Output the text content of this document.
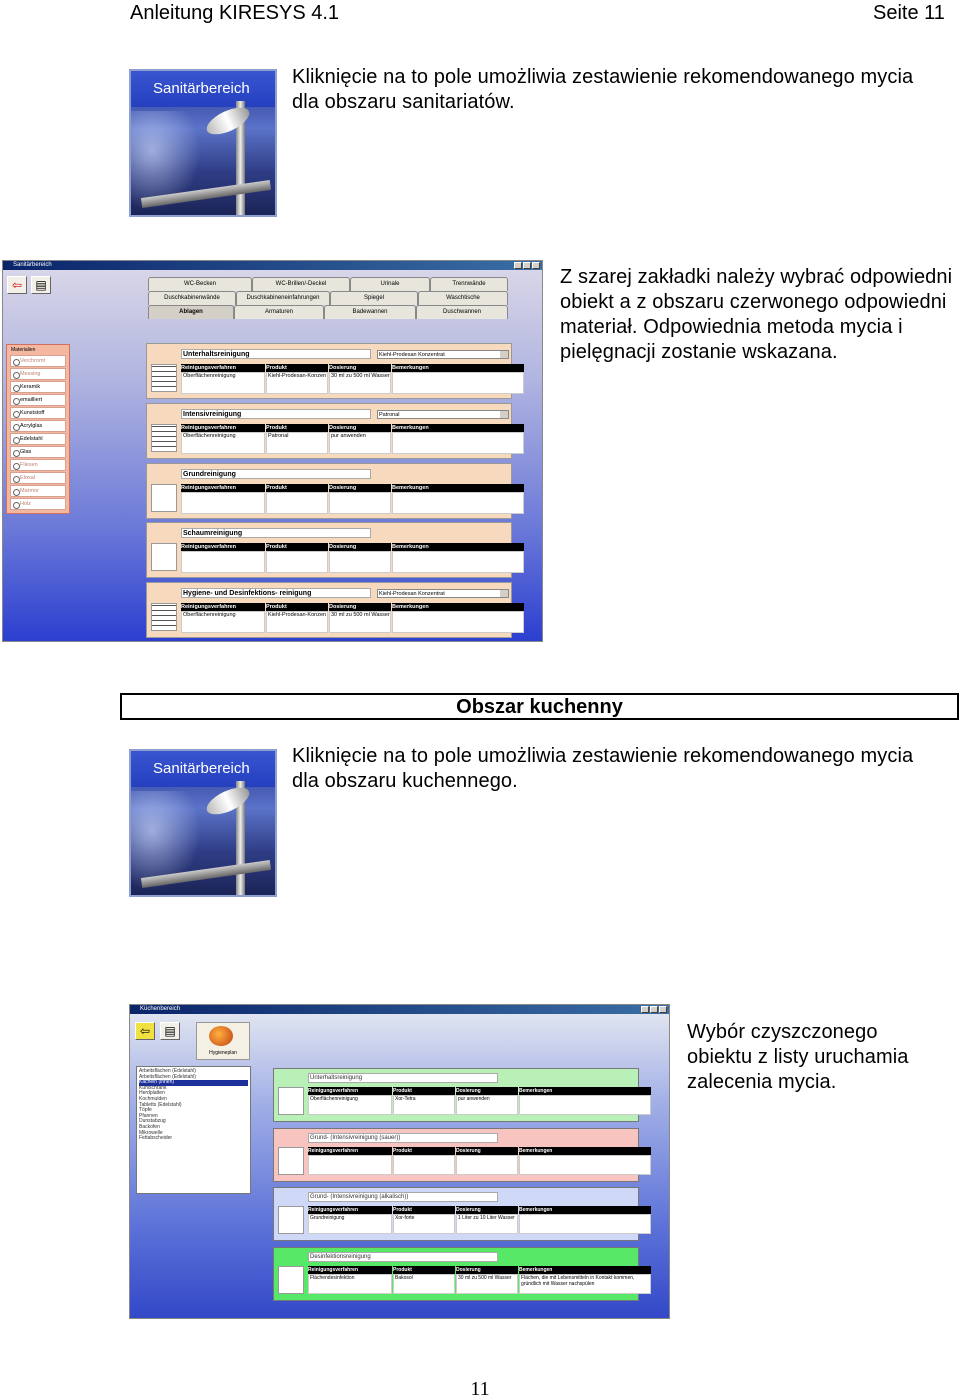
Anleitung KIRESYS 4.1	Seite 11
Sanitärbereich
Kliknięcie na to pole umożliwia zestawienie rekomendowanego mycia dla obszaru sanitariatów.
Sanitärbereich
⇦	▤	WC-Becken	WC-Brillen/-Deckel	Urinale	Trennwände
Duschkabinenwände	Duschkabineneinfahrungen	Spiegel	Waschtische
Ablagen	Armaturen	Badewannen	Duschwannen
Materialien
Verchromt
Messing
Keramik
emailliert
Kunststoff
Acrylglas
Edelstahl
Glas
Fliesen
Eloxal
Marmor
Holz
Unterhaltsreinigung	Kiehl-Prodesan Konzentrat
Reinigungsverfahren	Produkt	Dosierung	Bemerkungen
Oberflächenreinigung	Kiehl-Prodesan-Konzen 30 ml zu 500 ml Wasser
Intensivreinigung	Patronal
Reinigungsverfahren	Produkt	Dosierung	Bemerkungen
Oberflächenreinigung	Patronal	pur anwenden
Grundreinigung
Reinigungsverfahren	Produkt	Dosierung	Bemerkungen
Schaumreinigung
Reinigungsverfahren	Produkt	Dosierung	Bemerkungen
Hygiene- und Desinfektions- reinigung	Kiehl-Prodesan Konzentrat
Reinigungsverfahren	Produkt	Dosierung	Bemerkungen
Oberflächenreinigung	Kiehl-Prodesan-Konzen 30 ml zu 500 ml Wasser
Z szarej zakładki należy wybrać odpowiedni obiekt a z obszaru czerwonego odpowiedni materiał. Odpowiednia metoda mycia i pielęgnacji zostanie wskazana.
Obszar kuchenny
Sanitärbereich
Kliknięcie na to pole umożliwia zestawienie rekomendowanego mycia dla obszaru kuchennego.
Küchenbereich
⇦	▤
Hygieneplan
Arbeitsflächen (Edelstahl)
Arbeitsflächen (Edelstahl)
Kacheln (innen)
Kühlschrank
Herdplatten
Kochmulden
Tabletts (Edelstahl)
Töpfe
Pfannen
Dunstabzug
Backofen
Mikrowelle
Fettabscheider
Unterhaltsreinigung
Reinigungsverfahren	Produkt	Dosierung	Bemerkungen
Oberflächenreinigung	Xor-Tetra	pur anwenden
Grund- (Intensivreinigung (sauer))
Reinigungsverfahren	Produkt	Dosierung	Bemerkungen
Grund- (Intensivreinigung (alkalisch))
Reinigungsverfahren	Produkt	Dosierung	Bemerkungen
Grundreinigung	Xor-forte	1 Liter zu 10 Liter Wasser
Desinfektionsreinigung
Reinigungsverfahren	Produkt	Dosierung	Bemerkungen
Flächendesinfektion	Bakosol	30 ml zu 500 ml Wasser	Flächen, die mit Lebensmitteln in Kontakt kommen, gründlich mit Wasser nachspülen
Wybór czyszczonego obiektu z listy uruchamia zalecenia mycia.
11
